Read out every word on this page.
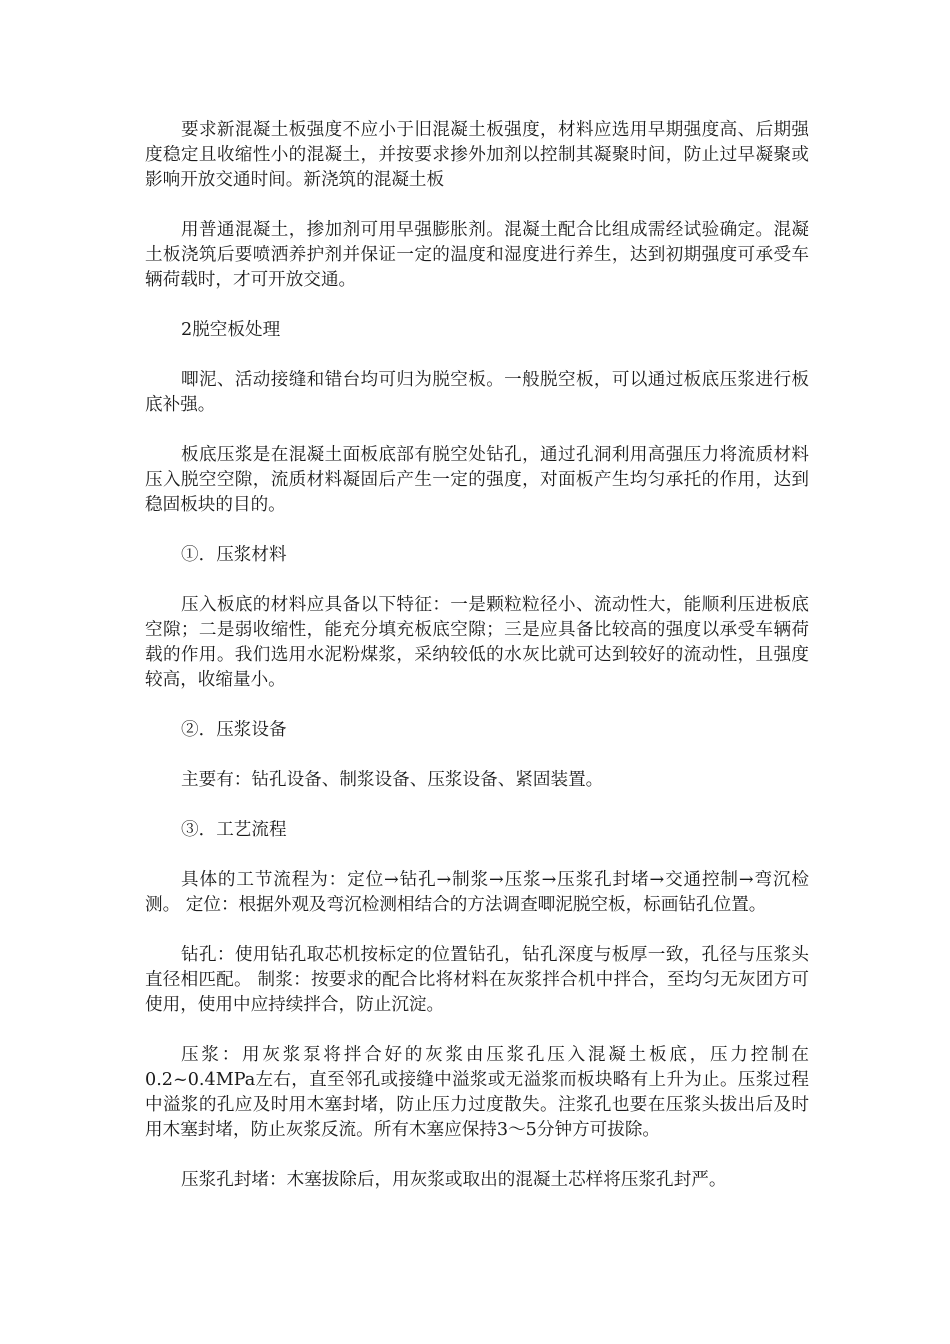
要求新混凝土板强度不应小于旧混凝土板强度，材料应选用早期强度高、后期强度稳定且收缩性小的混凝土，并按要求掺外加剂以控制其凝聚时间，防止过早凝聚或影响开放交通时间。新浇筑的混凝土板

用普通混凝土，掺加剂可用早强膨胀剂。混凝土配合比组成需经试验确定。混凝土板浇筑后要喷洒养护剂并保证一定的温度和湿度进行养生，达到初期强度可承受车辆荷载时，才可开放交通。

2脱空板处理

唧泥、活动接缝和错台均可归为脱空板。一般脱空板，可以通过板底压浆进行板底补强。

板底压浆是在混凝土面板底部有脱空处钻孔，通过孔洞利用高强压力将流质材料压入脱空空隙，流质材料凝固后产生一定的强度，对面板产生均匀承托的作用，达到稳固板块的目的。

①．压浆材料

压入板底的材料应具备以下特征：一是颗粒粒径小、流动性大，能顺利压进板底空隙；二是弱收缩性，能充分填充板底空隙；三是应具备比较高的强度以承受车辆荷载的作用。我们选用水泥粉煤浆，采纳较低的水灰比就可达到较好的流动性，且强度较高，收缩量小。

②．压浆设备

主要有：钻孔设备、制浆设备、压浆设备、紧固装置。

③．工艺流程

具体的工节流程为：定位→钻孔→制浆→压浆→压浆孔封堵→交通控制→弯沉检测。 定位：根据外观及弯沉检测相结合的方法调查唧泥脱空板，标画钻孔位置。

钻孔：使用钻孔取芯机按标定的位置钻孔，钻孔深度与板厚一致，孔径与压浆头直径相匹配。 制浆：按要求的配合比将材料在灰浆拌合机中拌合，至均匀无灰团方可使用，使用中应持续拌合，防止沉淀。

压浆：用灰浆泵将拌合好的灰浆由压浆孔压入混凝土板底，压力控制在0.2~0.4MPa左右，直至邻孔或接缝中溢浆或无溢浆而板块略有上升为止。压浆过程中溢浆的孔应及时用木塞封堵，防止压力过度散失。注浆孔也要在压浆头拔出后及时用木塞封堵，防止灰浆反流。所有木塞应保持3～5分钟方可拔除。

压浆孔封堵：木塞拔除后，用灰浆或取出的混凝土芯样将压浆孔封严。
